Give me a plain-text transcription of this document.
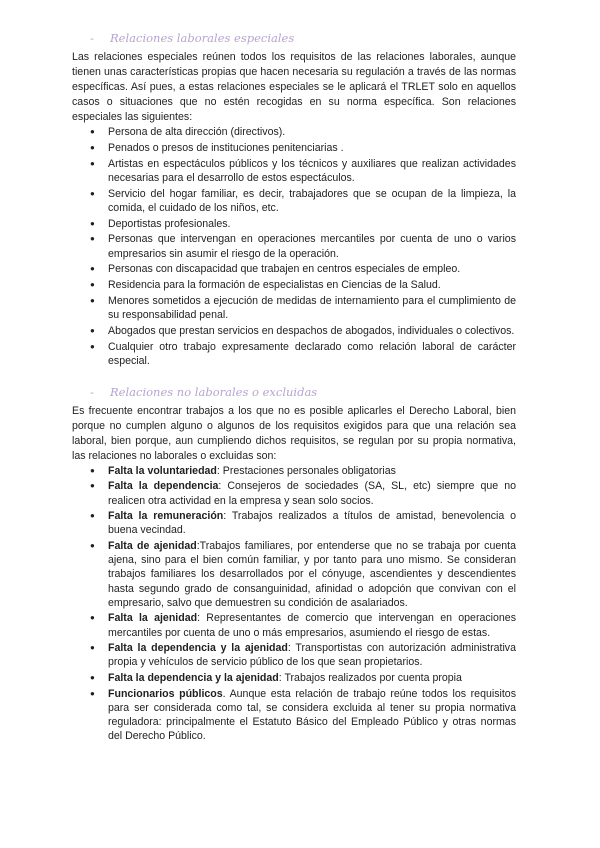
- Relaciones laborales especiales

Las relaciones especiales reúnen todos los requisitos de las relaciones laborales, aunque tienen unas características propias que hacen necesaria su regulación a través de las normas específicas. Así pues, a estas relaciones especiales se le aplicará el TRLET solo en aquellos casos o situaciones que no estén recogidas en su norma específica. Son relaciones especiales las siguientes:

● Persona de alta dirección (directivos).
● Penados o presos de instituciones penitenciarias .
● Artistas en espectáculos públicos y los técnicos y auxiliares que realizan actividades necesarias para el desarrollo de estos espectáculos.
● Servicio del hogar familiar, es decir, trabajadores que se ocupan de la limpieza, la comida, el cuidado de los niños, etc.
● Deportistas profesionales.
● Personas que intervengan en operaciones mercantiles por cuenta de uno o varios empresarios sin asumir el riesgo de la operación.
● Personas con discapacidad que trabajen en centros especiales de empleo.
● Residencia para la formación de especialistas en Ciencias de la Salud.
● Menores sometidos a ejecución de medidas de internamiento para el cumplimiento de su responsabilidad penal.
● Abogados que prestan servicios en despachos de abogados, individuales o colectivos.
● Cualquier otro trabajo expresamente declarado como relación laboral de carácter especial.
- Relaciones no laborales o excluidas

Es frecuente encontrar trabajos a los que no es posible aplicarles el Derecho Laboral, bien porque no cumplen alguno o algunos de los requisitos exigidos para que una relación sea laboral, bien porque, aun cumpliendo dichos requisitos, se regulan por su propia normativa, las relaciones no laborales o excluidas son:

● Falta la voluntariedad: Prestaciones personales obligatorias
● Falta la dependencia: Consejeros de sociedades (SA, SL, etc) siempre que no realicen otra actividad en la empresa y sean solo socios.
● Falta la remuneración: Trabajos realizados a títulos de amistad, benevolencia o buena vecindad.
● Falta de ajenidad:Trabajos familiares, por entenderse que no se trabaja por cuenta ajena, sino para el bien común familiar, y por tanto para uno mismo. Se consideran trabajos familiares los desarrollados por el cónyuge, ascendientes y descendientes hasta segundo grado de consanguinidad, afinidad o adopción que convivan con el empresario, salvo que demuestren su condición de asalariados.
● Falta la ajenidad: Representantes de comercio que intervengan en operaciones mercantiles por cuenta de uno o más empresarios, asumiendo el riesgo de estas.
● Falta la dependencia y la ajenidad: Transportistas con autorización administrativa propia y vehículos de servicio público de los que sean propietarios.
● Falta la dependencia y la ajenidad: Trabajos realizados por cuenta propia
● Funcionarios públicos. Aunque esta relación de trabajo reúne todos los requisitos para ser considerada como tal, se considera excluida al tener su propia normativa reguladora: principalmente el Estatuto Básico del Empleado Público y otras normas del Derecho Público.
